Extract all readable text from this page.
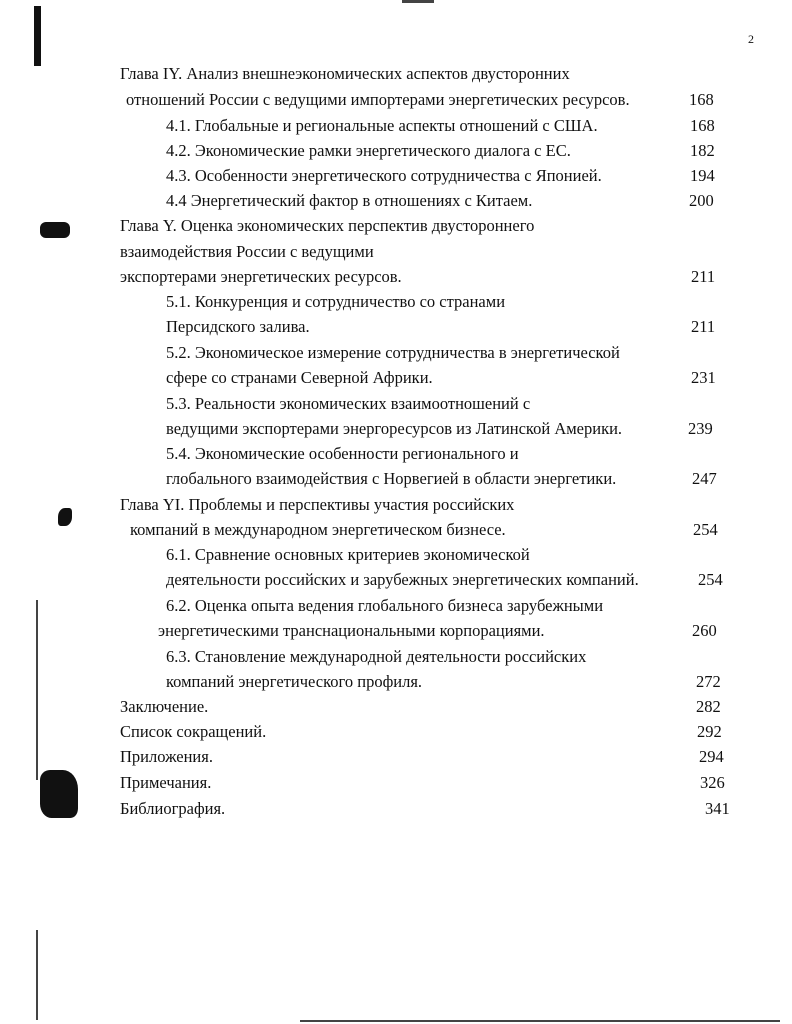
2
Глава IY. Анализ внешнеэкономических аспектов двусторонних
отношений России с ведущими импортерами энергетических ресурсов.	168
4.1. Глобальные и региональные аспекты отношений с США.	168
4.2. Экономические рамки энергетического диалога с ЕС.	182
4.3. Особенности энергетического сотрудничества с Японией.	194
4.4 Энергетический фактор в отношениях с Китаем.	200
Глава Y. Оценка экономических перспектив двустороннего
взаимодействия России с ведущими
экспортерами энергетических ресурсов.	211
5.1. Конкуренция и сотрудничество со странами
Персидского залива.	211
5.2. Экономическое измерение сотрудничества в энергетической
сфере со странами Северной Африки.	231
5.3. Реальности экономических взаимоотношений с
ведущими экспортерами энергоресурсов из Латинской Америки.	239
5.4. Экономические особенности регионального и
глобального взаимодействия с Норвегией в области энергетики.	247
Глава YI. Проблемы и перспективы участия российских
компаний в международном энергетическом бизнесе.	254
6.1. Сравнение основных критериев экономической
деятельности российских и зарубежных энергетических компаний.	254
6.2. Оценка опыта ведения глобального бизнеса зарубежными
энергетическими транснациональными корпорациями.	260
6.3. Становление международной деятельности российских
компаний энергетического профиля.	272
Заключение.	282
Список сокращений.	292
Приложения.	294
Примечания.	326
Библиография.	341
